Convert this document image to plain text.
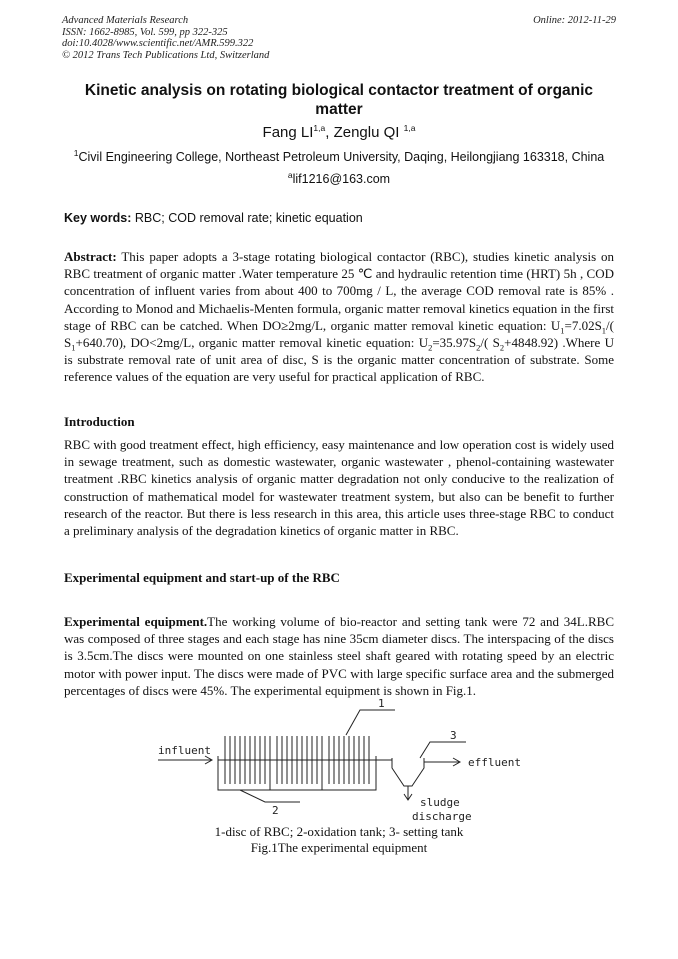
Advanced Materials Research
ISSN: 1662-8985, Vol. 599, pp 322-325
doi:10.4028/www.scientific.net/AMR.599.322
© 2012 Trans Tech Publications Ltd, Switzerland
Online: 2012-11-29
Kinetic analysis on rotating biological contactor treatment of organic
matter
Fang LI$^{1,a}$, Zenglu QI $^{1,a}$
$^1$Civil Engineering College, Northeast Petroleum University, Daqing, Heilongjiang 163318, China
$^a$lif1216@163.com
Key words: RBC; COD removal rate; kinetic equation
Abstract: This paper adopts a 3-stage rotating biological contactor (RBC), studies kinetic analysis on RBC treatment of organic matter .Water temperature 25 ℃ and hydraulic retention time (HRT) 5h , COD concentration of influent varies from about 400 to 700mg / L, the average COD removal rate is 85% . According to Monod and Michaelis-Menten formula, organic matter removal kinetics equation in the first stage of RBC can be catched. When DO≥2mg/L, organic matter removal kinetic equation: $U_1=7.02S_1/$( $S_1+640.70$), DO<2mg/L, organic matter removal kinetic equation: $U_2=35.97S_2/$( $S_2+4848.92$) .Where U is substrate removal rate of unit area of disc, S is the organic matter concentration of substrate. Some reference values of the equation are very useful for practical application of RBC.
Introduction
RBC with good treatment effect, high efficiency, easy maintenance and low operation cost is widely used in sewage treatment, such as domestic wastewater, organic wastewater , phenol-containing wastewater treatment .RBC kinetics analysis of organic matter degradation not only conducive to the realization of construction of mathematical model for wastewater treatment system, but also can be benefit to further research of the reactor. But there is less research in this area, this article uses three-stage RBC to conduct a preliminary analysis of the degradation kinetics of organic matter in RBC.
Experimental equipment and start-up of the RBC
Experimental equipment.The working volume of bio-reactor and setting tank were 72 and 34L.RBC was composed of three stages and each stage has nine 35cm diameter discs. The interspacing of the discs is 3.5cm.The discs were mounted on one stainless steel shaft geared with rotating speed by an electric motor with power input. The discs were made of PVC with large specific surface area and the submerged percentages of discs were 45%. The experimental equipment is shown in Fig.1.
influent
effluent
sludge
discharge
1
2
3
1-disc of RBC; 2-oxidation tank; 3- setting tank
Fig.1The experimental equipment
